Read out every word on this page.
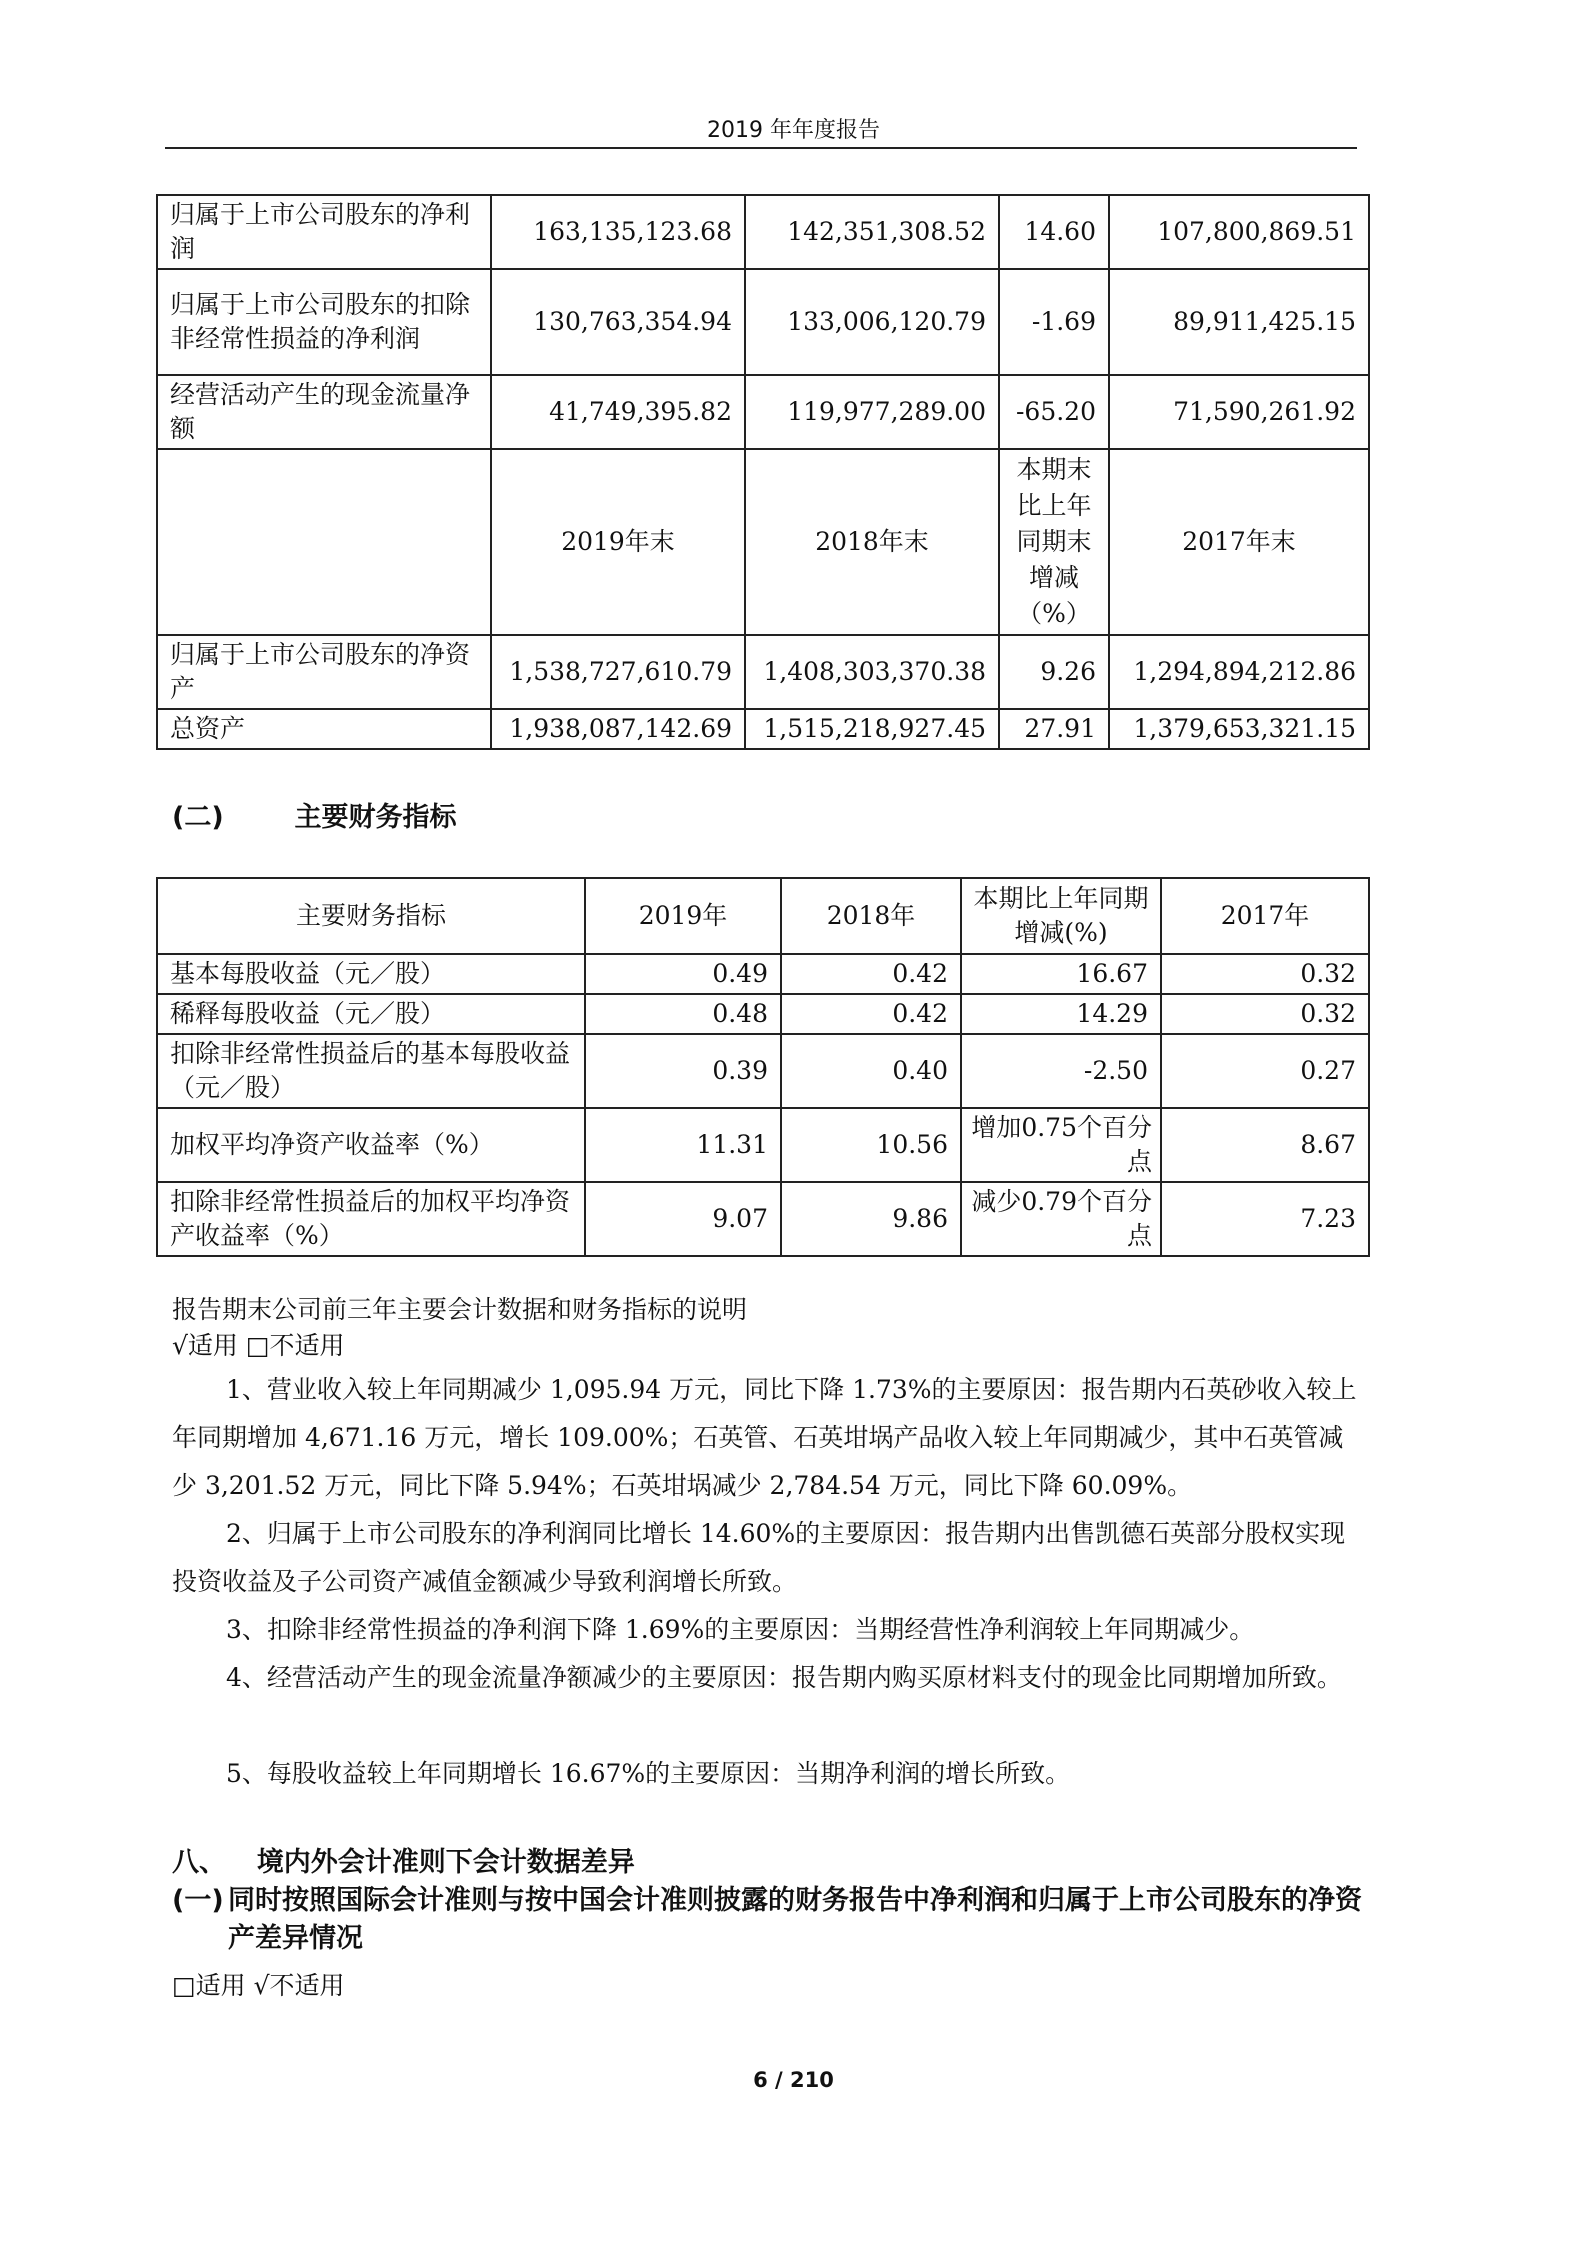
2019 年年度报告
归属于上市公司股东的净利润	163,135,123.68	142,351,308.52	14.60	107,800,869.51
归属于上市公司股东的扣除非经常性损益的净利润	130,763,354.94	133,006,120.79	-1.69	89,911,425.15
经营活动产生的现金流量净额	41,749,395.82	119,977,289.00	-65.20	71,590,261.92
	2019年末	2018年末	本期末比上年同期末增减（%）	2017年末
归属于上市公司股东的净资产	1,538,727,610.79	1,408,303,370.38	9.26	1,294,894,212.86
总资产	1,938,087,142.69	1,515,218,927.45	27.91	1,379,653,321.15
(二)	主要财务指标
主要财务指标	2019年	2018年	本期比上年同期增减(%)	2017年
基本每股收益（元／股）	0.49	0.42	16.67	0.32
稀释每股收益（元／股）	0.48	0.42	14.29	0.32
扣除非经常性损益后的基本每股收益（元／股）	0.39	0.40	-2.50	0.27
加权平均净资产收益率（%）	11.31	10.56	增加0.75个百分点	8.67
扣除非经常性损益后的加权平均净资产收益率（%）	9.07	9.86	减少0.79个百分点	7.23
报告期末公司前三年主要会计数据和财务指标的说明
√适用 □不适用
1、营业收入较上年同期减少 1,095.94 万元，同比下降 1.73%的主要原因：报告期内石英砂收入较上年同期增加 4,671.16 万元，增长 109.00%；石英管、石英坩埚产品收入较上年同期减少，其中石英管减少 3,201.52 万元，同比下降 5.94%；石英坩埚减少 2,784.54 万元，同比下降 60.09%。
2、归属于上市公司股东的净利润同比增长 14.60%的主要原因：报告期内出售凯德石英部分股权实现投资收益及子公司资产减值金额减少导致利润增长所致。
3、扣除非经常性损益的净利润下降 1.69%的主要原因：当期经营性净利润较上年同期减少。
4、经营活动产生的现金流量净额减少的主要原因：报告期内购买原材料支付的现金比同期增加所致。
5、每股收益较上年同期增长 16.67%的主要原因：当期净利润的增长所致。
八、 境内外会计准则下会计数据差异
(一) 同时按照国际会计准则与按中国会计准则披露的财务报告中净利润和归属于上市公司股东的净资产差异情况
□适用 √不适用
6 / 210
